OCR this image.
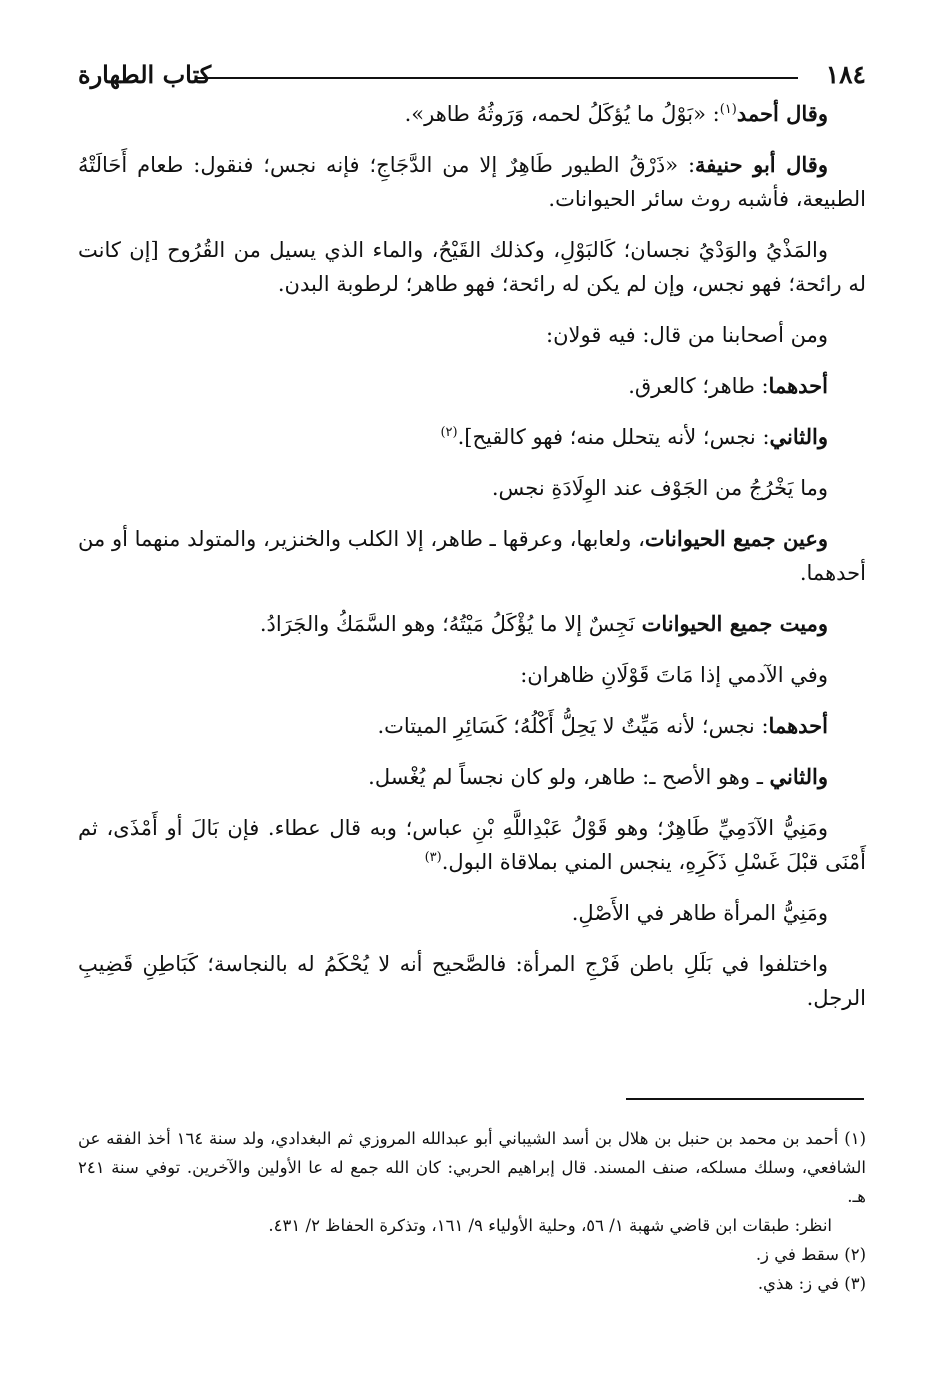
١٨٤
كتاب الطهارة

وقال أحمد$^{(١)}$: «بَوْلُ ما يُؤكَلُ لحمه، وَرَوثُهُ طاهر».

وقال أبو حنيفة: «ذَرْقُ الطيور طَاهِرٌ إلا من الدَّجَاجِ؛ فإنه نجس؛ فنقول: طعام أَحَالَتْهُ الطبيعة، فأشبه روث سائر الحيوانات.

والمَذْيُ والوَدْيُ نجسان؛ كَالبَوْلِ، وكذلك القَيْحُ، والماء الذي يسيل من القُرُوح [إن كانت له رائحة؛ فهو نجس، وإن لم يكن له رائحة؛ فهو طاهر؛ لرطوبة البدن.

ومن أصحابنا من قال: فيه قولان:

أحدهما: طاهر؛ كالعرق.

والثاني: نجس؛ لأنه يتحلل منه؛ فهو كالقيح].$^{(٢)}$

وما يَخْرُجُ من الجَوْف عند الوِلَادَةِ نجس.

وعين جميع الحيوانات، ولعابها، وعرقها ـ طاهر، إلا الكلب والخنزير، والمتولد منهما أو من أحدهما.

وميت جميع الحيوانات نَجِسٌ إلا ما يُؤْكَلُ مَيْتُهُ؛ وهو السَّمَكُ والجَرَادُ.

وفي الآدمي إذا مَاتَ قَوْلَانِ ظاهران:

أحدهما: نجس؛ لأنه مَيِّتٌ لا يَحِلُّ أَكْلُهُ؛ كَسَائِرِ الميتات.

والثاني ـ وهو الأصح ـ: طاهر، ولو كان نجساً لم يُغْسل.

ومَنِيُّ الآدَمِيِّ طَاهِرٌ؛ وهو قَوْلُ عَبْدِاللَّهِ بْنِ عباس؛ وبه قال عطاء. فإن بَالَ أو أَمْذَى، ثم أَمْنَى قبْلَ غَسْلِ ذَكَرِهِ، ينجس المني بملاقاة البول.$^{(٣)}$

ومَنِيُّ المرأة طاهر في الأَصْلِ.

واختلفوا في بَلَلِ باطن فَرْجِ المرأة: فالصَّحيح أنه لا يُحْكَمُ له بالنجاسة؛ كَبَاطِنِ قَضِيبِ الرجل.

(١) أحمد بن محمد بن حنبل بن هلال بن أسد الشيباني أبو عبدالله المروزي ثم البغدادي، ولد سنة ١٦٤ أخذ الفقه عن الشافعي، وسلك مسلكه، صنف المسند. قال إبراهيم الحربي: كان الله جمع له عا الأولين والآخرين. توفي سنة ٢٤١ هـ.

انظر: طبقات ابن قاضي شهبة ١/ ٥٦، وحلية الأولياء ٩/ ١٦١، وتذكرة الحفاظ ٢/ ٤٣١.

(٢) سقط في ز.

(٣) في ز: هذي.
